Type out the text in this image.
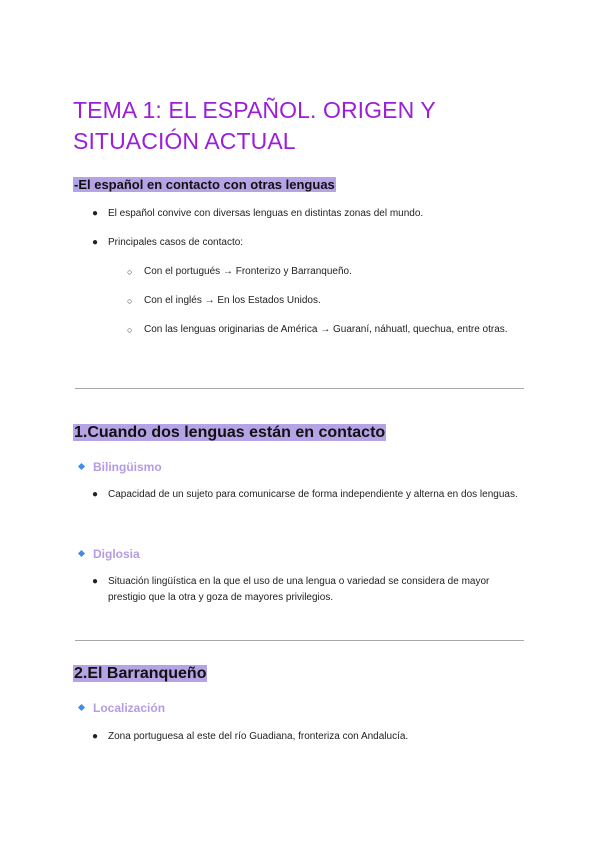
TEMA 1: EL ESPAÑOL. ORIGEN Y SITUACIÓN ACTUAL
-El español en contacto con otras lenguas
● El español convive con diversas lenguas en distintas zonas del mundo.
● Principales casos de contacto:
○ Con el portugués → Fronterizo y Barranqueño.
○ Con el inglés → En los Estados Unidos.
○ Con las lenguas originarias de América → Guaraní, náhuatl, quechua, entre otras.
1.Cuando dos lenguas están en contacto
Bilingüismo
● Capacidad de un sujeto para comunicarse de forma independiente y alterna en dos lenguas.
Diglosia
● Situación lingüística en la que el uso de una lengua o variedad se considera de mayor prestigio que la otra y goza de mayores privilegios.
2.El Barranqueño
Localización
● Zona portuguesa al este del río Guadiana, fronteriza con Andalucía.
